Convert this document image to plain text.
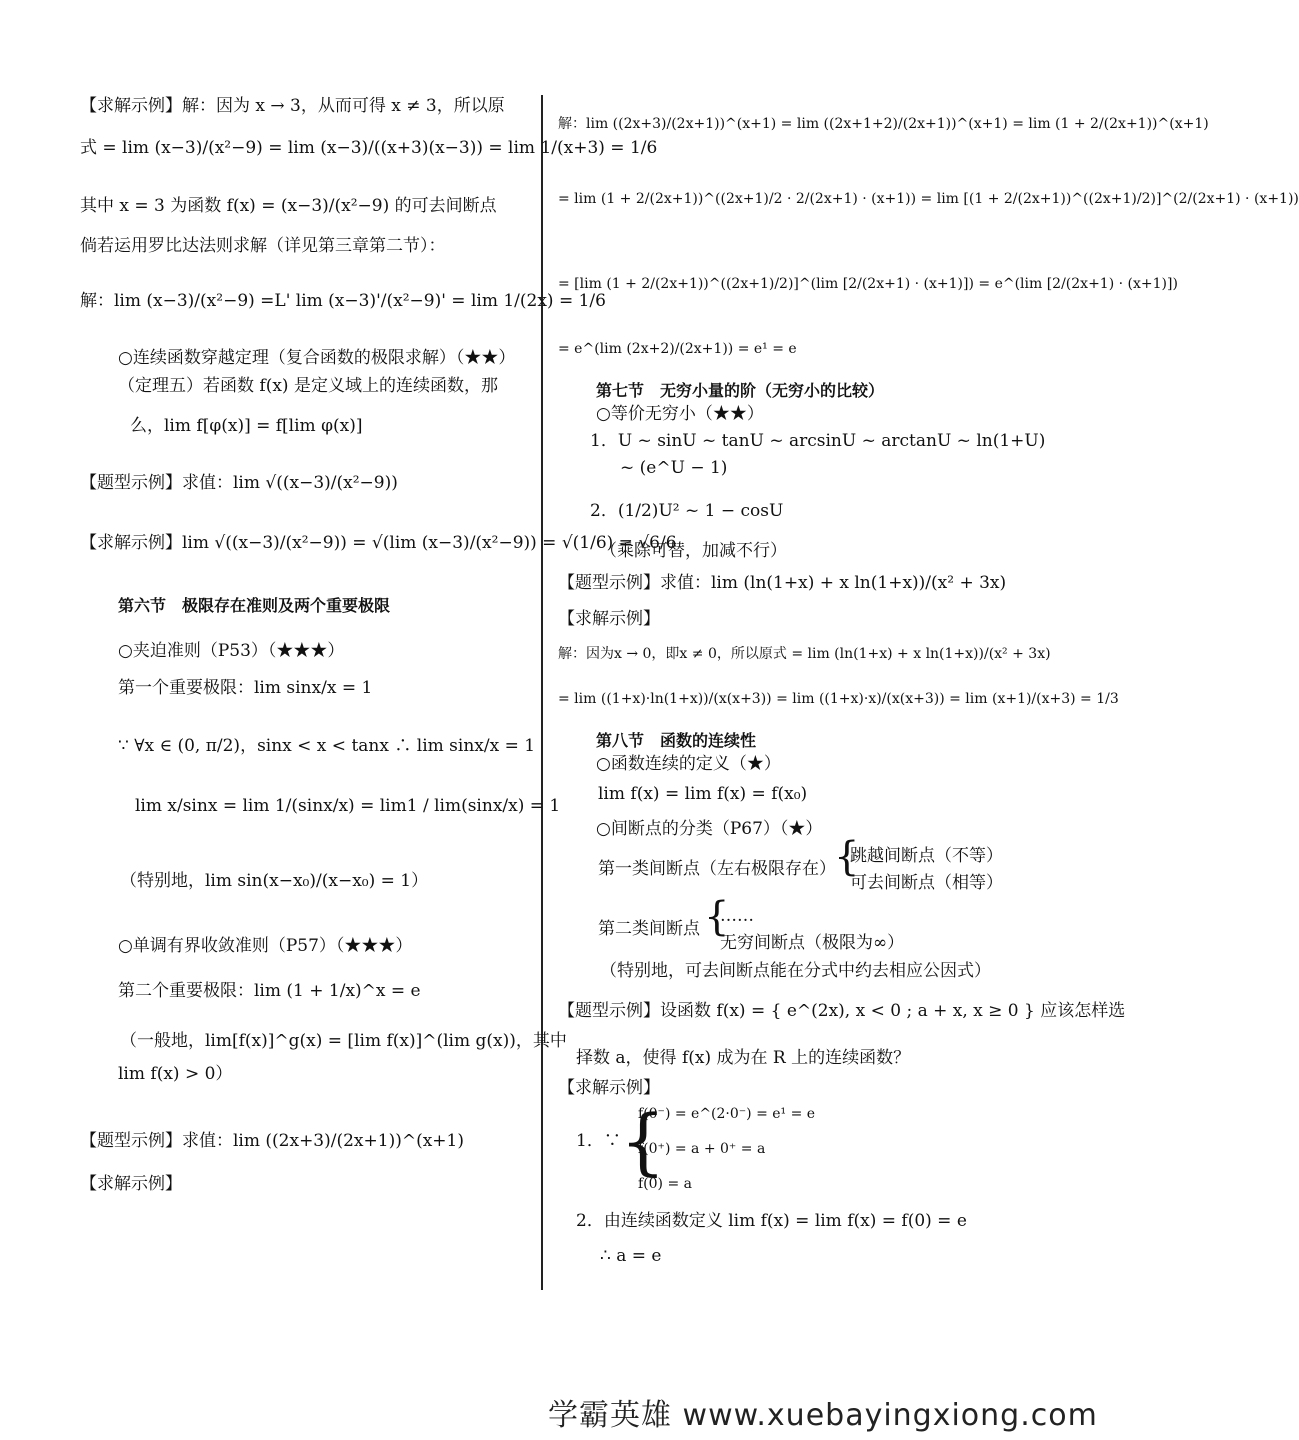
【求解示例】解：因为 x → 3，从而可得 x ≠ 3，所以原
式 = lim (x−3)/(x²−9) = lim (x−3)/((x+3)(x−3)) = lim 1/(x+3) = 1/6
其中 x = 3 为函数 f(x) = (x−3)/(x²−9) 的可去间断点
倘若运用罗比达法则求解（详见第三章第二节）：
解：lim (x−3)/(x²−9) =L' lim (x−3)'/(x²−9)' = lim 1/(2x) = 1/6
○连续函数穿越定理（复合函数的极限求解）（★★）
（定理五）若函数 f(x) 是定义域上的连续函数，那
么，lim f[φ(x)] = f[lim φ(x)]
【题型示例】求值：lim √((x−3)/(x²−9))
【求解示例】lim √((x−3)/(x²−9)) = √(lim (x−3)/(x²−9)) = √(1/6) = √6/6
第六节　极限存在准则及两个重要极限
○夹迫准则（P53）（★★★）
第一个重要极限：lim sinx/x = 1
∵ ∀x ∈ (0, π/2)，sinx < x < tanx ∴ lim sinx/x = 1
lim x/sinx = lim 1/(sinx/x) = lim1 / lim(sinx/x) = 1
（特别地，lim sin(x−x₀)/(x−x₀) = 1）
○单调有界收敛准则（P57）（★★★）
第二个重要极限：lim (1 + 1/x)^x = e
（一般地，lim[f(x)]^g(x) = [lim f(x)]^(lim g(x))，其中
lim f(x) > 0）
【题型示例】求值：lim ((2x+3)/(2x+1))^(x+1)
【求解示例】
解：lim ((2x+3)/(2x+1))^(x+1) = lim ((2x+1+2)/(2x+1))^(x+1) = lim (1 + 2/(2x+1))^(x+1)
= lim (1 + 2/(2x+1))^((2x+1)/2 · 2/(2x+1) · (x+1)) = lim [(1 + 2/(2x+1))^((2x+1)/2)]^(2/(2x+1) · (x+1))
= [lim (1 + 2/(2x+1))^((2x+1)/2)]^(lim [2/(2x+1) · (x+1)]) = e^(lim [2/(2x+1) · (x+1)])
= e^(lim (2x+2)/(2x+1)) = e¹ = e
第七节　无穷小量的阶（无穷小的比较）
○等价无穷小（★★）
1．U ~ sinU ~ tanU ~ arcsinU ~ arctanU ~ ln(1+U)
~ (e^U − 1)
2．(1/2)U² ~ 1 − cosU
（乘除可替，加减不行）
【题型示例】求值：lim (ln(1+x) + x ln(1+x))/(x² + 3x)
【求解示例】
解：因为x → 0，即x ≠ 0，所以原式 = lim (ln(1+x) + x ln(1+x))/(x² + 3x)
= lim ((1+x)·ln(1+x))/(x(x+3)) = lim ((1+x)·x)/(x(x+3)) = lim (x+1)/(x+3) = 1/3
第八节　函数的连续性
○函数连续的定义（★）
lim f(x) = lim f(x) = f(x₀)
○间断点的分类（P67）（★）
第一类间断点（左右极限存在）
{
跳越间断点（不等）
可去间断点（相等）
第二类间断点 {
……
无穷间断点（极限为∞）
（特别地，可去间断点能在分式中约去相应公因式）
【题型示例】设函数 f(x) = { e^(2x), x < 0 ; a + x, x ≥ 0 } 应该怎样选
择数 a，使得 f(x) 成为在 R 上的连续函数？
【求解示例】
1．∵ {
f(0⁻) = e^(2·0⁻) = e¹ = e
f(0⁺) = a + 0⁺ = a
f(0) = a
2．由连续函数定义 lim f(x) = lim f(x) = f(0) = e
∴ a = e
学霸英雄 www.xuebayingxiong.com
